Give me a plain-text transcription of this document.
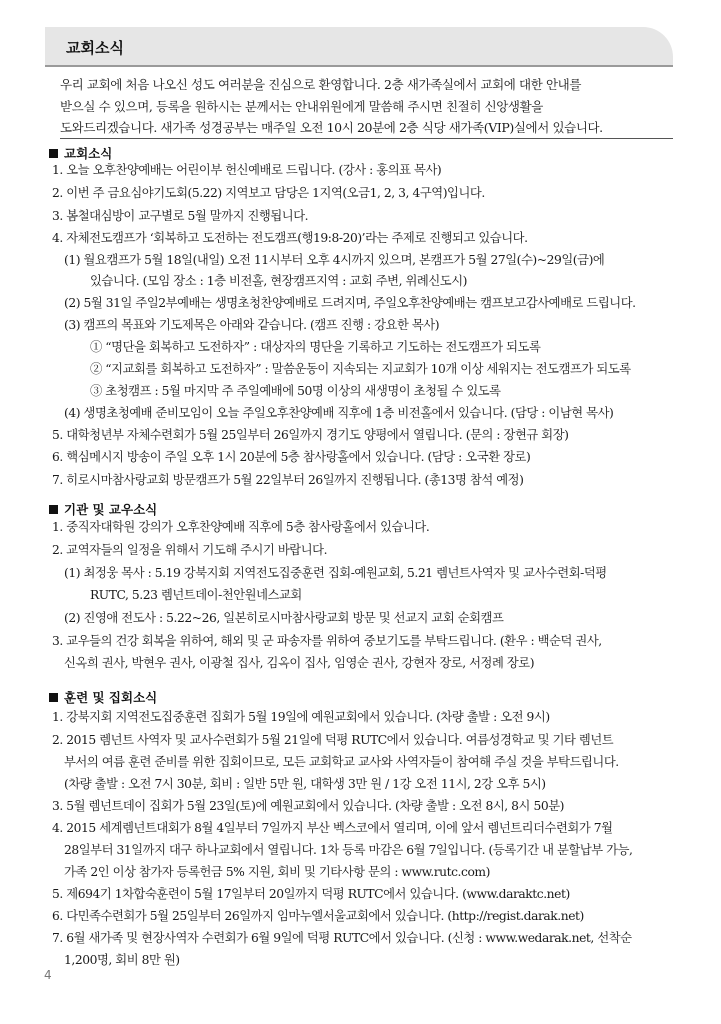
교회소식
우리 교회에 처음 나오신 성도 여러분을 진심으로 환영합니다. 2층 새가족실에서 교회에 대한 안내를
받으실 수 있으며, 등록을 원하시는 분께서는 안내위원에게 말씀해 주시면 친절히 신앙생활을
도와드리겠습니다. 새가족 성경공부는 매주일 오전 10시 20분에 2층 식당 새가족(VIP)실에서 있습니다.
교회소식
1. 오늘 오후찬양예배는 어린이부 헌신예배로 드립니다. (강사 : 홍의표 목사)
2. 이번 주 금요심야기도회(5.22) 지역보고 담당은 1지역(오금1, 2, 3, 4구역)입니다.
3. 봄철대심방이 교구별로 5월 말까지 진행됩니다.
4. 자체전도캠프가 ‘회복하고 도전하는 전도캠프(행19:8-20)’라는 주제로 진행되고 있습니다.
(1) 월요캠프가 5월 18일(내일) 오전 11시부터 오후 4시까지 있으며, 본캠프가 5월 27일(수)~29일(금)에
있습니다. (모임 장소 : 1층 비전홀, 현장캠프지역 : 교회 주변, 위례신도시)
(2) 5월 31일 주일2부예배는 생명초청찬양예배로 드려지며, 주일오후찬양예배는 캠프보고감사예배로 드립니다.
(3) 캠프의 목표와 기도제목은 아래와 같습니다. (캠프 진행 : 강요한 목사)
① “명단을 회복하고 도전하자” : 대상자의 명단을 기록하고 기도하는 전도캠프가 되도록
② “지교회를 회복하고 도전하자” : 말씀운동이 지속되는 지교회가 10개 이상 세워지는 전도캠프가 되도록
③ 초청캠프 : 5월 마지막 주 주일예배에 50명 이상의 새생명이 초청될 수 있도록
(4) 생명초청예배 준비모임이 오늘 주일오후찬양예배 직후에 1층 비전홀에서 있습니다. (담당 : 이남현 목사)
5. 대학청년부 자체수련회가 5월 25일부터 26일까지 경기도 양평에서 열립니다. (문의 : 장현규 회장)
6. 핵심메시지 방송이 주일 오후 1시 20분에 5층 참사랑홀에서 있습니다. (담당 : 오국환 장로)
7. 히로시마참사랑교회 방문캠프가 5월 22일부터 26일까지 진행됩니다. (총13명 참석 예정)
기관 및 교우소식
1. 중직자대학원 강의가 오후찬양예배 직후에 5층 참사랑홀에서 있습니다.
2. 교역자들의 일정을 위해서 기도해 주시기 바랍니다.
(1) 최정웅 목사 : 5.19 강북지회 지역전도집중훈련 집회-예원교회, 5.21 렘넌트사역자 및 교사수련회-덕평
RUTC, 5.23 렘넌트데이-천안원네스교회
(2) 진영애 전도사 : 5.22~26, 일본히로시마참사랑교회 방문 및 선교지 교회 순회캠프
3. 교우들의 건강 회복을 위하여, 해외 및 군 파송자를 위하여 중보기도를 부탁드립니다. (환우 : 백순덕 권사,
신옥희 권사, 박현우 권사, 이광철 집사, 김옥이 집사, 임영순 권사, 강현자 장로, 서정례 장로)
훈련 및 집회소식
1. 강북지회 지역전도집중훈련 집회가 5월 19일에 예원교회에서 있습니다. (차량 출발 : 오전 9시)
2. 2015 렘넌트 사역자 및 교사수련회가 5월 21일에 덕평 RUTC에서 있습니다. 여름성경학교 및 기타 렘넌트
부서의 여름 훈련 준비를 위한 집회이므로, 모든 교회학교 교사와 사역자들이 참여해 주실 것을 부탁드립니다.
(차량 출발 : 오전 7시 30분, 회비 : 일반 5만 원, 대학생 3만 원 / 1강 오전 11시, 2강 오후 5시)
3. 5월 렘넌트데이 집회가 5월 23일(토)에 예원교회에서 있습니다. (차량 출발 : 오전 8시, 8시 50분)
4. 2015 세계렘넌트대회가 8월 4일부터 7일까지 부산 벡스코에서 열리며, 이에 앞서 렘넌트리더수련회가 7월
28일부터 31일까지 대구 하나교회에서 열립니다. 1차 등록 마감은 6월 7일입니다. (등록기간 내 분할납부 가능,
가족 2인 이상 참가자 등록헌금 5% 지원, 회비 및 기타사항 문의 : www.rutc.com)
5. 제694기 1차합숙훈련이 5월 17일부터 20일까지 덕평 RUTC에서 있습니다. (www.daraktc.net)
6. 다민족수련회가 5월 25일부터 26일까지 임마누엘서울교회에서 있습니다. (http://regist.darak.net)
7. 6월 새가족 및 현장사역자 수련회가 6월 9일에 덕평 RUTC에서 있습니다. (신청 : www.wedarak.net, 선착순
1,200명, 회비 8만 원)
4
